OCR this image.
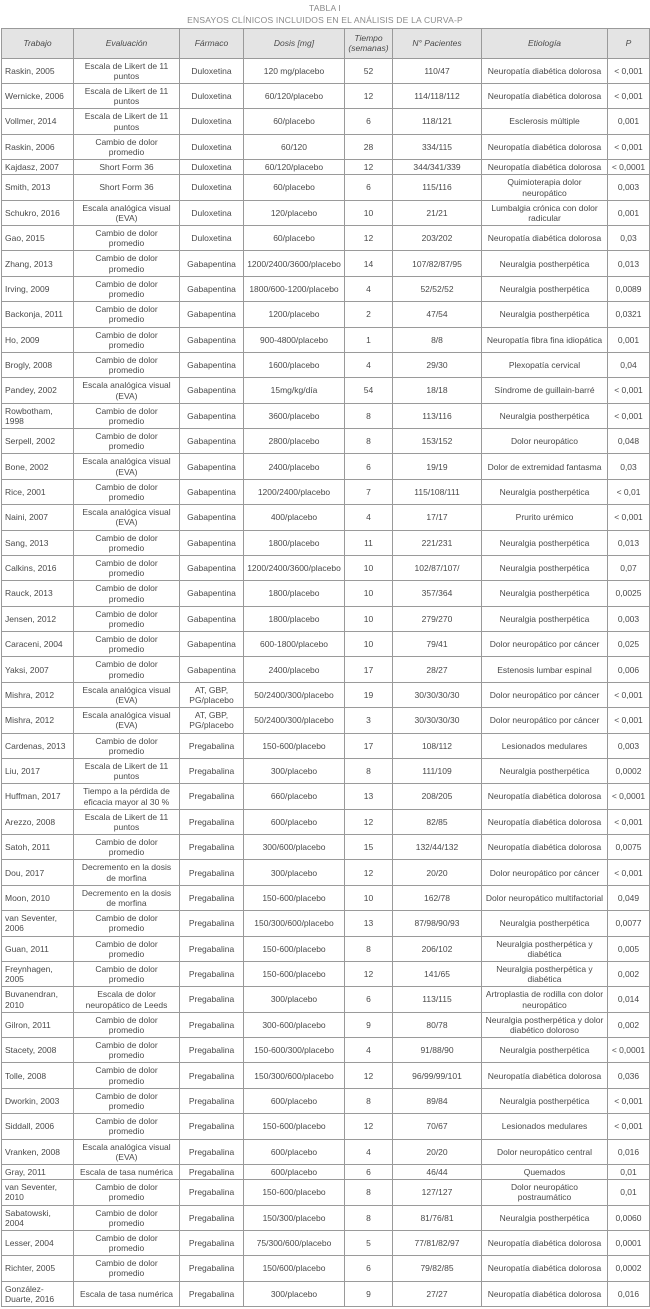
TABLA I
ENSAYOS CLÍNICOS INCLUIDOS EN EL ANÁLISIS DE LA CURVA-P
Trabajo	Evaluación	Fármaco	Dosis [mg]	Tiempo (semanas)	N° Pacientes	Etiología	P
Raskin, 2005	Escala de Likert de 11 puntos	Duloxetina	120 mg/placebo	52	110/47	Neuropatía diabética dolorosa	< 0,001
Wernicke, 2006	Escala de Likert de 11 puntos	Duloxetina	60/120/placebo	12	114/118/112	Neuropatía diabética dolorosa	< 0,001
Vollmer, 2014	Escala de Likert de 11 puntos	Duloxetina	60/placebo	6	118/121	Esclerosis múltiple	0,001
Raskin, 2006	Cambio de dolor promedio	Duloxetina	60/120	28	334/115	Neuropatía diabética dolorosa	< 0,001
Kajdasz, 2007	Short Form 36	Duloxetina	60/120/placebo	12	344/341/339	Neuropatía diabética dolorosa	< 0,0001
Smith, 2013	Short Form 36	Duloxetina	60/placebo	6	115/116	Quimioterapia dolor neuropático	0,003
Schukro, 2016	Escala analógica visual (EVA)	Duloxetina	120/placebo	10	21/21	Lumbalgia crónica con dolor radicular	0,001
Gao, 2015	Cambio de dolor promedio	Duloxetina	60/placebo	12	203/202	Neuropatía diabética dolorosa	0,03
Zhang, 2013	Cambio de dolor promedio	Gabapentina	1200/2400/3600/placebo	14	107/82/87/95	Neuralgia postherpética	0,013
Irving, 2009	Cambio de dolor promedio	Gabapentina	1800/600-1200/placebo	4	52/52/52	Neuralgia postherpética	0,0089
Backonja, 2011	Cambio de dolor promedio	Gabapentina	1200/placebo	2	47/54	Neuralgia postherpética	0,0321
Ho, 2009	Cambio de dolor promedio	Gabapentina	900-4800/placebo	1	8/8	Neuropatía fibra fina idiopática	0,001
Brogly, 2008	Cambio de dolor promedio	Gabapentina	1600/placebo	4	29/30	Plexopatía cervical	0,04
Pandey, 2002	Escala analógica visual (EVA)	Gabapentina	15mg/kg/día	54	18/18	Síndrome de guillain-barré	< 0,001
Rowbotham, 1998	Cambio de dolor promedio	Gabapentina	3600/placebo	8	113/116	Neuralgia postherpética	< 0,001
Serpell, 2002	Cambio de dolor promedio	Gabapentina	2800/placebo	8	153/152	Dolor neuropático	0,048
Bone, 2002	Escala analógica visual (EVA)	Gabapentina	2400/placebo	6	19/19	Dolor de extremidad fantasma	0,03
Rice, 2001	Cambio de dolor promedio	Gabapentina	1200/2400/placebo	7	115/108/111	Neuralgia postherpética	< 0,01
Naini, 2007	Escala analógica visual (EVA)	Gabapentina	400/placebo	4	17/17	Prurito urémico	< 0,001
Sang, 2013	Cambio de dolor promedio	Gabapentina	1800/placebo	11	221/231	Neuralgia postherpética	0,013
Calkins, 2016	Cambio de dolor promedio	Gabapentina	1200/2400/3600/placebo	10	102/87/107/	Neuralgia postherpética	0,07
Rauck, 2013	Cambio de dolor promedio	Gabapentina	1800/placebo	10	357/364	Neuralgia postherpética	0,0025
Jensen, 2012	Cambio de dolor promedio	Gabapentina	1800/placebo	10	279/270	Neuralgia postherpética	0,003
Caraceni, 2004	Cambio de dolor promedio	Gabapentina	600-1800/placebo	10	79/41	Dolor neuropático por cáncer	0,025
Yaksi, 2007	Cambio de dolor promedio	Gabapentina	2400/placebo	17	28/27	Estenosis lumbar espinal	0,006
Mishra, 2012	Escala analógica visual (EVA)	AT, GBP, PG/placebo	50/2400/300/placebo	19	30/30/30/30	Dolor neuropático por cáncer	< 0,001
Mishra, 2012	Escala analógica visual (EVA)	AT, GBP, PG/placebo	50/2400/300/placebo	3	30/30/30/30	Dolor neuropático por cáncer	< 0,001
Cardenas, 2013	Cambio de dolor promedio	Pregabalina	150-600/placebo	17	108/112	Lesionados medulares	0,003
Liu, 2017	Escala de Likert de 11 puntos	Pregabalina	300/placebo	8	111/109	Neuralgia postherpética	0,0002
Huffman, 2017	Tiempo a la pérdida de eficacia mayor al 30 %	Pregabalina	660/placebo	13	208/205	Neuropatía diabética dolorosa	< 0,0001
Arezzo, 2008	Escala de Likert de 11 puntos	Pregabalina	600/placebo	12	82/85	Neuropatía diabética dolorosa	< 0,001
Satoh, 2011	Cambio de dolor promedio	Pregabalina	300/600/placebo	15	132/44/132	Neuropatía diabética dolorosa	0,0075
Dou, 2017	Decremento en la dosis de morfina	Pregabalina	300/placebo	12	20/20	Dolor neuropático por cáncer	< 0,001
Moon, 2010	Decremento en la dosis de morfina	Pregabalina	150-600/placebo	10	162/78	Dolor neuropático multifactorial	0,049
van Seventer, 2006	Cambio de dolor promedio	Pregabalina	150/300/600/placebo	13	87/98/90/93	Neuralgia postherpética	0,0077
Guan, 2011	Cambio de dolor promedio	Pregabalina	150-600/placebo	8	206/102	Neuralgia postherpética y diabética	0,005
Freynhagen, 2005	Cambio de dolor promedio	Pregabalina	150-600/placebo	12	141/65	Neuralgia postherpética y diabética	0,002
Buvanendran, 2010	Escala de dolor neuropático de Leeds	Pregabalina	300/placebo	6	113/115	Artroplastia de rodilla con dolor neuropático	0,014
Gilron, 2011	Cambio de dolor promedio	Pregabalina	300-600/placebo	9	80/78	Neuralgia postherpética y dolor diabético doloroso	0,002
Stacety, 2008	Cambio de dolor promedio	Pregabalina	150-600/300/placebo	4	91/88/90	Neuralgia postherpética	< 0,0001
Tolle, 2008	Cambio de dolor promedio	Pregabalina	150/300/600/placebo	12	96/99/99/101	Neuropatía diabética dolorosa	0,036
Dworkin, 2003	Cambio de dolor promedio	Pregabalina	600/placebo	8	89/84	Neuralgia postherpética	< 0,001
Siddall, 2006	Cambio de dolor promedio	Pregabalina	150-600/placebo	12	70/67	Lesionados medulares	< 0,001
Vranken, 2008	Escala analógica visual (EVA)	Pregabalina	600/placebo	4	20/20	Dolor neuropático central	0,016
Gray, 2011	Escala de tasa numérica	Pregabalina	600/placebo	6	46/44	Quemados	0,01
van Seventer, 2010	Cambio de dolor promedio	Pregabalina	150-600/placebo	8	127/127	Dolor neuropático postraumático	0,01
Sabatowski, 2004	Cambio de dolor promedio	Pregabalina	150/300/placebo	8	81/76/81	Neuralgia postherpética	0,0060
Lesser, 2004	Cambio de dolor promedio	Pregabalina	75/300/600/placebo	5	77/81/82/97	Neuropatía diabética dolorosa	0,0001
Richter, 2005	Cambio de dolor promedio	Pregabalina	150/600/placebo	6	79/82/85	Neuropatía diabética dolorosa	0,0002
González-Duarte, 2016	Escala de tasa numérica	Pregabalina	300/placebo	9	27/27	Neuropatía diabética dolorosa	0,016
